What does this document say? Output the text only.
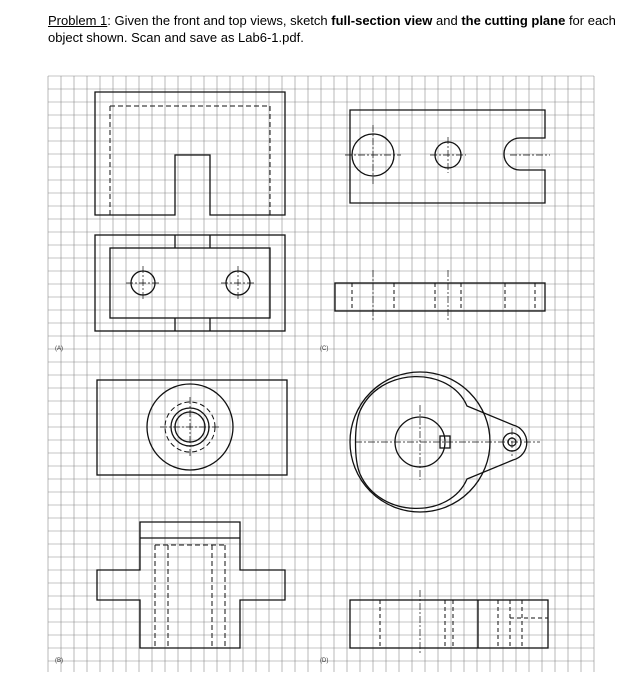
Problem 1: Given the front and top views, sketch full-section view and the cutting plane for each object shown. Scan and save as Lab6-1.pdf.
(A)
(B)
(C)
(D)
